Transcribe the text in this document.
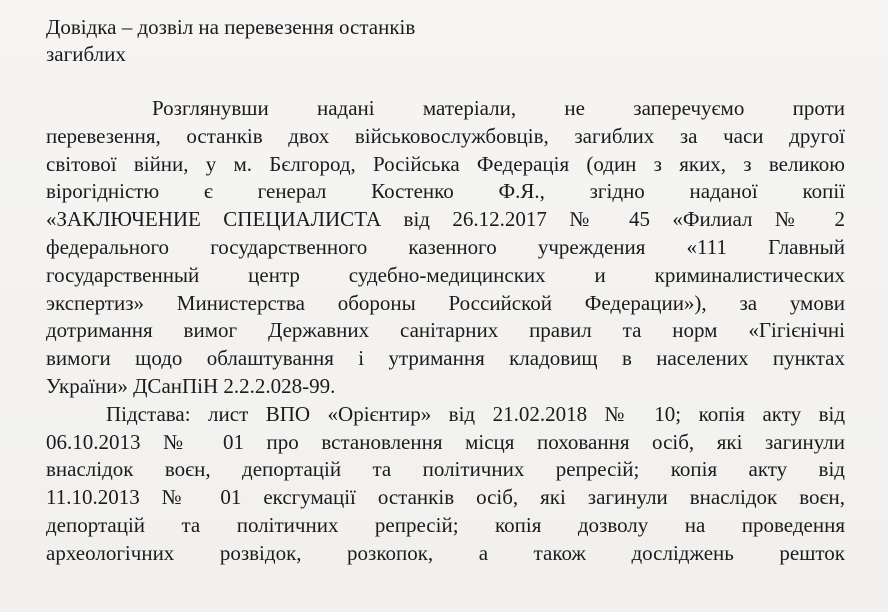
Довідка – дозвіл на перевезення останків
загиблих
Розглянувши надані матеріали, не заперечуємо проти
перевезення, останків двох військовослужбовців, загиблих за часи другої
світової війни, у м. Бєлгород, Російська Федерація (один з яких, з великою
вірогідністю є генерал Костенко Ф.Я., згідно наданої копії
«ЗАКЛЮЧЕНИЕ СПЕЦИАЛИСТА від 26.12.2017 № 45 «Филиал № 2
федерального государственного казенного учреждения «111 Главный
государственный центр судебно-медицинских и криминалистических
экспертиз» Министерства обороны Российской Федерации»), за умови
дотримання вимог Державних санітарних правил та норм «Гігієнічні
вимоги щодо облаштування і утримання кладовищ в населених пунктах
України» ДСанПіН 2.2.2.028-99.
Підстава: лист ВПО «Орієнтир» від 21.02.2018 № 10; копія акту від
06.10.2013 № 01 про встановлення місця поховання осіб, які загинули
внаслідок воєн, депортацій та політичних репресій; копія акту від
11.10.2013 № 01 ексгумації останків осіб, які загинули внаслідок воєн,
депортацій та політичних репресій; копія дозволу на проведення
археологічних розвідок, розкопок, а також досліджень решток
